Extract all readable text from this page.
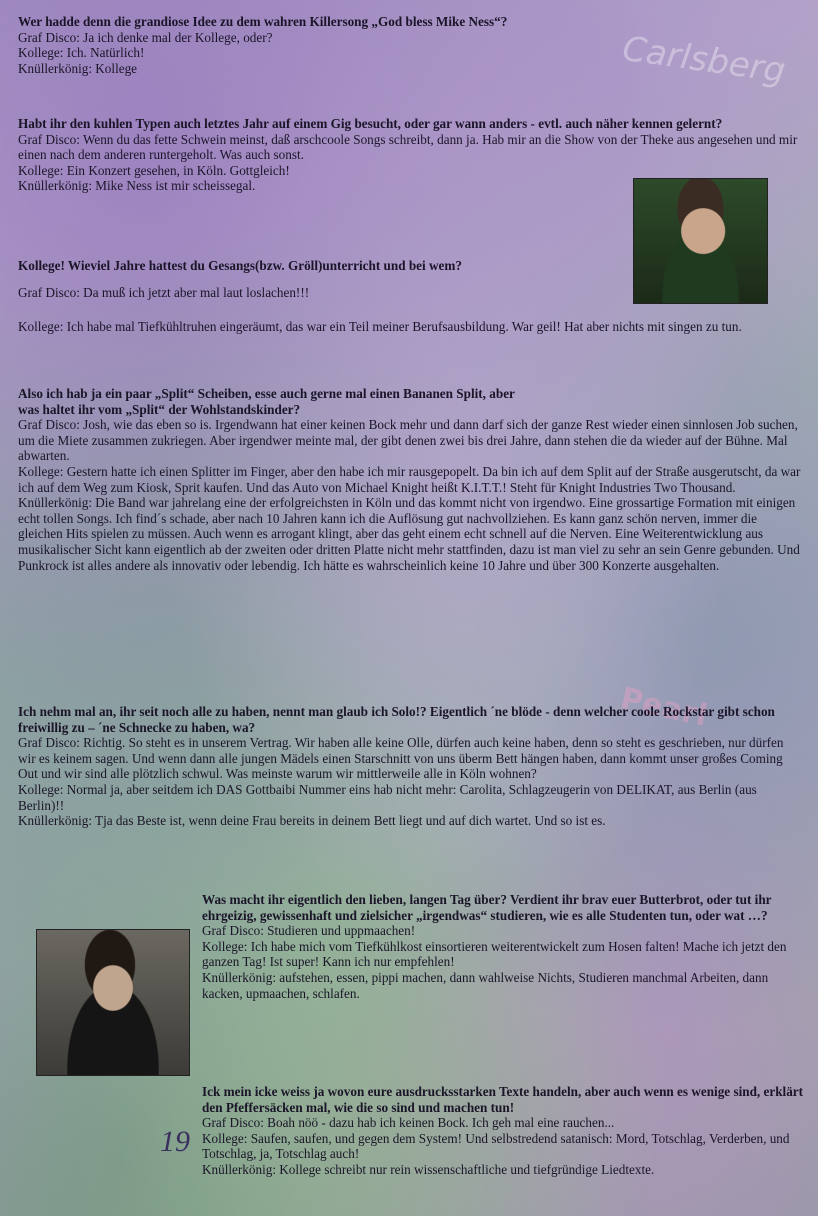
Carlsberg
Pearl
Wer hadde denn die grandiose Idee zu dem wahren Killersong „God bless Mike Ness“?
Graf Disco: Ja ich denke mal der Kollege, oder?
Kollege: Ich. Natürlich!
Knüllerkönig: Kollege
Habt ihr den kuhlen Typen auch letztes Jahr auf einem Gig besucht, oder gar wann anders - evtl. auch näher kennen gelernt?
Graf Disco: Wenn du das fette Schwein meinst, daß arschcoole Songs schreibt, dann ja. Hab mir an die Show von der Theke aus angesehen und mir einen nach dem anderen runtergeholt. Was auch sonst.
Kollege: Ein Konzert gesehen, in Köln. Gottgleich!
Knüllerkönig: Mike Ness ist mir scheissegal.
Kollege! Wieviel Jahre hattest du Gesangs(bzw. Gröll)unterricht und bei wem?
Graf Disco: Da muß ich jetzt aber mal laut loslachen!!!
Kollege: Ich habe mal Tiefkühltruhen eingeräumt, das war ein Teil meiner Berufsausbildung. War geil! Hat aber nichts mit singen zu tun.
Also ich hab ja ein paar „Split“ Scheiben, esse auch gerne mal einen Bananen Split, aber was haltet ihr vom „Split“ der Wohlstandskinder?
Graf Disco: Josh, wie das eben so is. Irgendwann hat einer keinen Bock mehr und dann darf sich der ganze Rest wieder einen sinnlosen Job suchen, um die Miete zusammen zukriegen. Aber irgendwer meinte mal, der gibt denen zwei bis drei Jahre, dann stehen die da wieder auf der Bühne. Mal abwarten.
Kollege: Gestern hatte ich einen Splitter im Finger, aber den habe ich mir rausgepopelt. Da bin ich auf dem Split auf der Straße ausgerutscht, da war ich auf dem Weg zum Kiosk, Sprit kaufen. Und das Auto von Michael Knight heißt K.I.T.T.! Steht für Knight Industries Two Thousand.
Knüllerkönig: Die Band war jahrelang eine der erfolgreichsten in Köln und das kommt nicht von irgendwo. Eine grossartige Formation mit einigen echt tollen Songs. Ich find´s schade, aber nach 10 Jahren kann ich die Auflösung gut nachvollziehen. Es kann ganz schön nerven, immer die gleichen Hits spielen zu müssen. Auch wenn es arrogant klingt, aber das geht einem echt schnell auf die Nerven. Eine Weiterentwicklung aus musikalischer Sicht kann eigentlich ab der zweiten oder dritten Platte nicht mehr stattfinden, dazu ist man viel zu sehr an sein Genre gebunden. Und Punkrock ist alles andere als innovativ oder lebendig. Ich hätte es wahrscheinlich keine 10 Jahre und über 300 Konzerte ausgehalten.
Ich nehm mal an, ihr seit noch alle zu haben, nennt man glaub ich Solo!? Eigentlich ´ne blöde - denn welcher coole Rockstar gibt schon freiwillig zu – ´ne Schnecke zu haben, wa?
Graf Disco: Richtig. So steht es in unserem Vertrag. Wir haben alle keine Olle, dürfen auch keine haben, denn so steht es geschrieben, nur dürfen wir es keinem sagen. Und wenn dann alle jungen Mädels einen Starschnitt von uns überm Bett hängen haben, dann kommt unser großes Coming Out und wir sind alle plötzlich schwul. Was meinste warum wir mittlerweile alle in Köln wohnen?
Kollege: Normal ja, aber seitdem ich DAS Gottbaibi Nummer eins hab nicht mehr: Carolita, Schlagzeugerin von DELIKAT, aus Berlin (aus Berlin)!!
Knüllerkönig: Tja das Beste ist, wenn deine Frau bereits in deinem Bett liegt und auf dich wartet. Und so ist es.
Was macht ihr eigentlich den lieben, langen Tag über? Verdient ihr brav euer Butterbrot, oder tut ihr ehrgeizig, gewissenhaft und zielsicher „irgendwas“ studieren, wie es alle Studenten tun, oder wat …?
Graf Disco: Studieren und uppmaachen!
Kollege: Ich habe mich vom Tiefkühlkost einsortieren weiterentwickelt zum Hosen falten! Mache ich jetzt den ganzen Tag! Ist super! Kann ich nur empfehlen!
Knüllerkönig: aufstehen, essen, pippi machen, dann wahlweise Nichts, Studieren manchmal Arbeiten, dann kacken, upmaachen, schlafen.
Ick mein icke weiss ja wovon eure ausdrucksstarken Texte handeln, aber auch wenn es wenige sind, erklärt den Pfeffersäcken mal, wie die so sind und machen tun!
Graf Disco: Boah nöö - dazu hab ich keinen Bock. Ich geh mal eine rauchen...
Kollege: Saufen, saufen, und gegen dem System! Und selbstredend satanisch: Mord, Totschlag, Verderben, und Totschlag, ja, Totschlag auch!
Knüllerkönig: Kollege schreibt nur rein wissenschaftliche und tiefgründige Liedtexte.
19
